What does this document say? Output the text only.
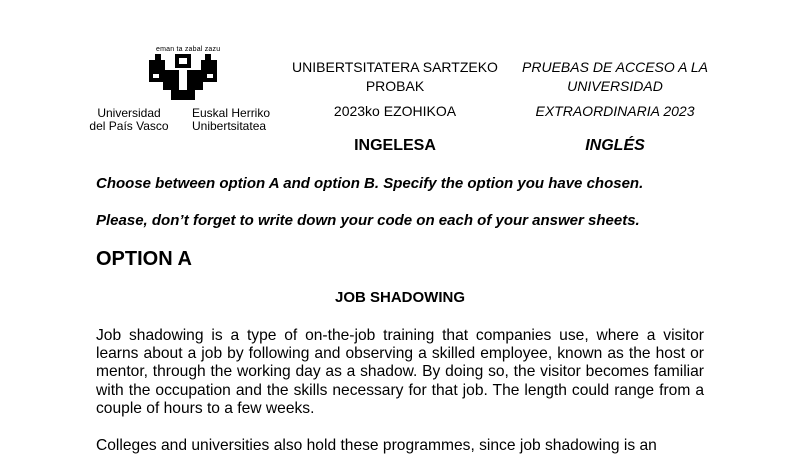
eman ta zabal zazu
Universidad
del País Vasco
Euskal Herriko
Unibertsitatea
UNIBERTSITATERA SARTZEKO
PROBAK
2023ko EZOHIKOA
INGELESA
PRUEBAS DE ACCESO A LA
UNIVERSIDAD
EXTRAORDINARIA 2023
INGLÉS
Choose between option A and option B. Specify the option you have chosen.
Please, don’t forget to write down your code on each of your answer sheets.
OPTION A
JOB SHADOWING

Job shadowing is a type of on-the-job training that companies use, where a visitor learns about a job by following and observing a skilled employee, known as the host or mentor, through the working day as a shadow. By doing so, the visitor becomes familiar with the occupation and the skills necessary for that job. The length could range from a couple of hours to a few weeks.

Colleges and universities also hold these programmes, since job shadowing is an
